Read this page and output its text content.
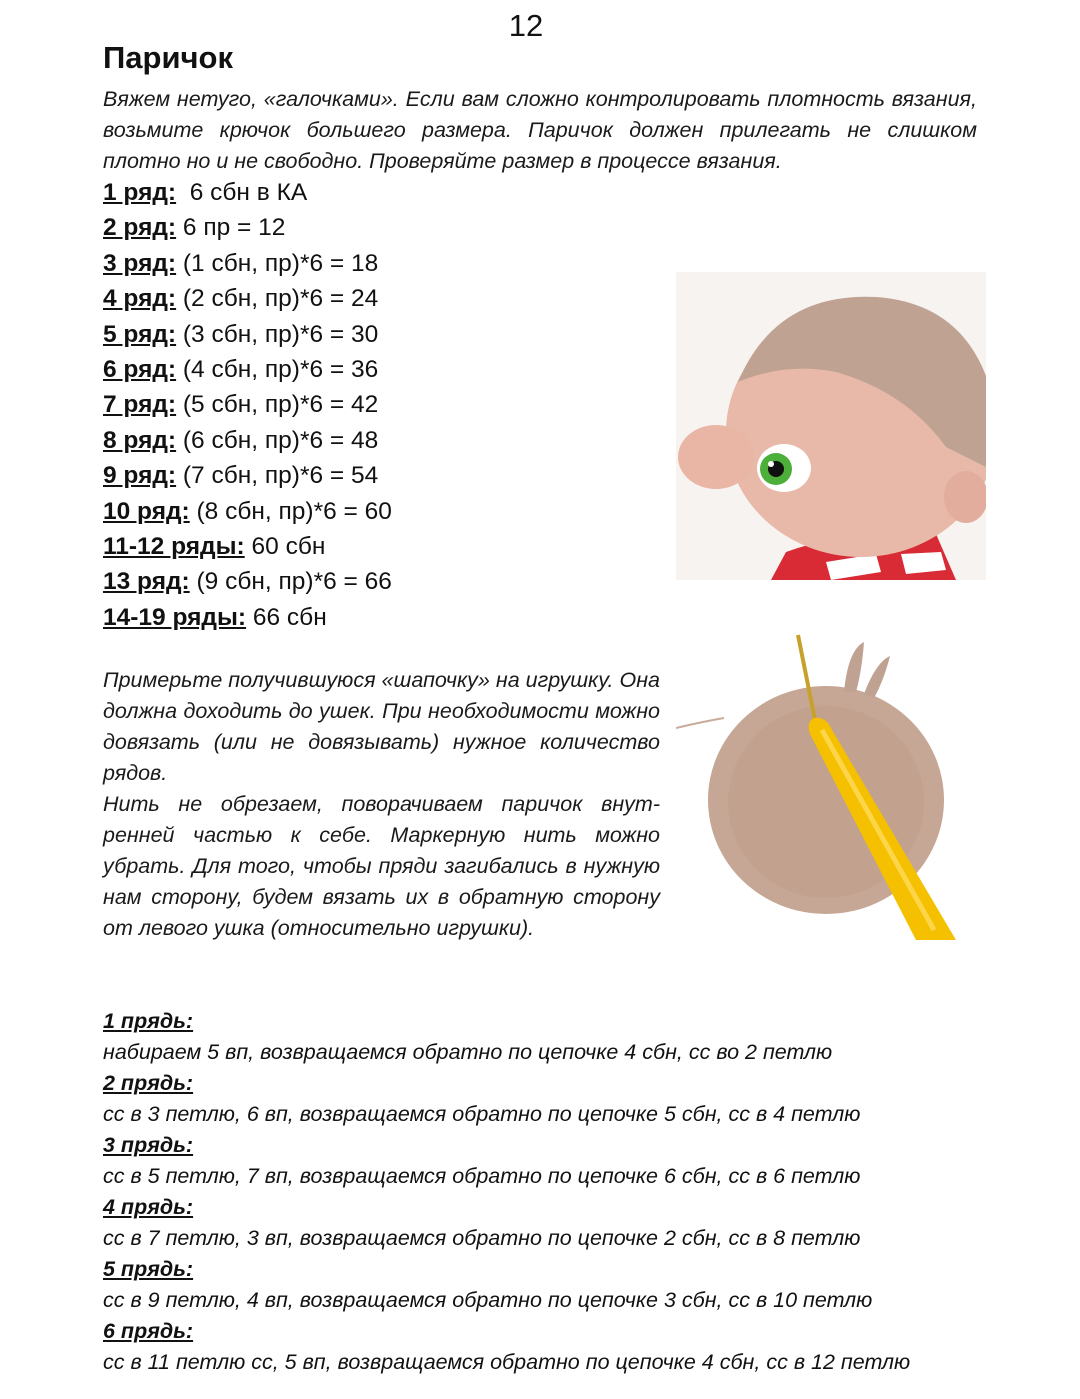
12
Паричок
Вяжем нетуго, «галочками». Если вам сложно контролировать плотность вязания, возьмите крючок большего размера. Паричок должен прилегать не слишком плотно но и не свободно. Проверяйте размер в процессе вязания.
1 ряд:  6 сбн в КА
2 ряд: 6 пр = 12
3 ряд: (1 сбн, пр)*6 = 18
4 ряд: (2 сбн, пр)*6 = 24
5 ряд: (3 сбн, пр)*6 = 30
6 ряд: (4 сбн, пр)*6 = 36
7 ряд: (5 сбн, пр)*6 = 42
8 ряд: (6 сбн, пр)*6 = 48
9 ряд: (7 сбн, пр)*6 = 54
10 ряд: (8 сбн, пр)*6 = 60
11-12 ряды: 60 сбн
13 ряд: (9 сбн, пр)*6 = 66
14-19 ряды: 66 сбн

Примерьте получившуюся «шапочку» на игрушку. Она должна доходить до ушек. При необходимости можно довязать (или не довязывать) нужное количество рядов.

Нить не обрезаем, поворачиваем паричок внутренней частью к себе. Маркерную нить можно убрать. Для того, чтобы пряди загибались в нужную нам сторону, будем вязать их в обратную сторону от левого ушка (относительно игрушки).

1 прядь:
набираем 5 вп, возвращаемся обратно по цепочке 4 сбн, сс во 2 петлю
2 прядь:
сс в 3 петлю, 6 вп, возвращаемся обратно по цепочке 5 сбн, сс в 4 петлю
3 прядь:
сс в 5 петлю, 7 вп, возвращаемся обратно по цепочке 6 сбн, сс в 6 петлю
4 прядь:
сс в 7 петлю, 3 вп, возвращаемся обратно по цепочке 2 сбн, сс в 8 петлю
5 прядь:
сс в 9 петлю, 4 вп, возвращаемся обратно по цепочке 3 сбн, сс в 10 петлю
6 прядь:
сс в 11 петлю сс, 5 вп, возвращаемся обратно по цепочке 4 сбн, сс в 12 петлю
